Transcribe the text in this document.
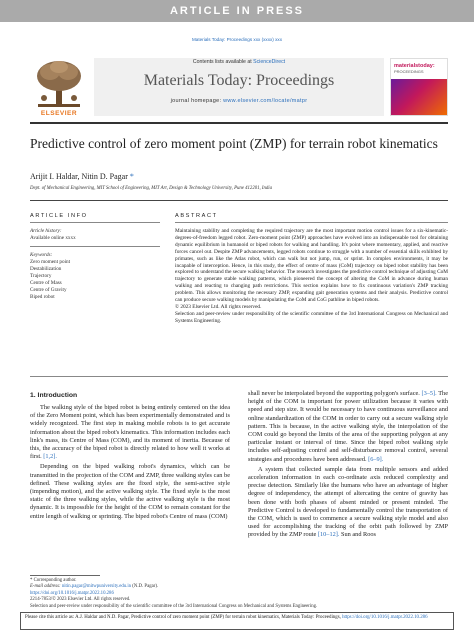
ARTICLE IN PRESS
Materials Today: Proceedings xxx (xxxx) xxx
ELSEVIER
Contents lists available at ScienceDirect
Materials Today: Proceedings
journal homepage: www.elsevier.com/locate/matpr
materialstoday:
PROCEEDINGS
Predictive control of zero moment point (ZMP) for terrain robot kinematics
Arijit I. Haldar, Nitin D. Pagar *
Dept. of Mechanical Engineering, MIT School of Engineering, MIT Art, Design & Technology University, Pune 412201, India
ARTICLE INFO	ABSTRACT
Article history:
Available online xxxx
Keywords:
Zero moment point
Destabilization
Trajectory
Centre of Mass
Centre of Gravity
Biped robot

Maintaining stability and completing the required trajectory are the most important motion control issues for a six-kinematic-degrees-of-freedom legged robot. Zero-moment point (ZMP) approaches have evolved into an indispensable tool for obtaining dynamic equilibrium in humanoid or biped robots for walking and handling. It's point where momentary, applied, and reactive forces cancel out. Despite ZMP advancements, legged robots continue to struggle with a number of essential skills exhibited by primates, such as like the Atlas robot, which can walk but not jump, run, or sprint. In complex environments, it may be incapable of interception. Hence, in this study, the effect of centre of mass (CoM) trajectory on biped robot stability has been explored to understand the secure walking behavior. The research investigates the predictive control technique of adjusting CoM trajectory to generate stable walking patterns, which pioneered the concept of altering the CoM in advance during human walking and reacting to changing path restrictions. This section explains how to fix continuous variation's ZMP tracking problem. This allows monitoring the necessary ZMP, expanding gait generation systems and their analysis. Predictive control can produce secure walking models by manipulating the CoM and CoG pathline in biped robots.

© 2023 Elsevier Ltd. All rights reserved.

Selection and peer-review under responsibility of the scientific committee of the 3rd International Congress on Mechanical and Systems Engineering.

1. Introduction

The walking style of the biped robot is being entirely centered on the idea of the Zero Moment point, which has been experimentally demonstrated and is widely recognized. The first step in making mobile robots is to get accurate information about the biped robot's kinematics. This information includes each link's mass, its Centre of Mass (COM), and its moment of inertia. Because of this, the accuracy of the biped robot is directly related to how well it works at first. [1,2].

Depending on the biped walking robot's dynamics, which can be transmitted in the projection of the COM and ZMP, three walking styles can be defined. These walking styles are the fixed style, the semi-active style (impending motion), and the active walking style. The fixed style is the most static of the three walking styles, while the active walking style is the most dynamic. It is impossible for the height of the COM to remain constant for the entire length of walking or sprinting. The biped robot's Centre of mass (COM)

shall never be interpolated beyond the supporting polygon's surface. [3–5]. The height of the COM is important for power utilization because it varies with speed and step size. It would be necessary to have continuous surveillance and online standardization of the COM in order to carry out a secure walking style pattern. This is because, in the active walking style, the interpolation of the COM could go beyond the limits of the area of the supporting polygon at any particular instant or interval of time. Since the biped robot walking style includes self-adjusting control and self-disturbance removal control, several strategies and procedures have been addressed. [6–9].

A system that collected sample data from multiple sensors and added acceleration information in each co-ordinate axis reduced complexity and precise detection. Similarly like the humans who have an advantage of higher degree of independency, the attempt of altercating the centre of gravity has been done with both phases of absent minded or present minded. The Predictive Control is developed to fundamentally control the transportation of the COM, which is used to commence a secure walking style model and also used for accomplishing the tracking of the orbit path followed by ZMP provided by the ZMP route [10–12]. Sun and Roos

* Corresponding author.
E-mail address: nitin.pagar@mitwpuniversity.edu.in (N.D. Pagar).
https://doi.org/10.1016/j.matpr.2022.10.286
2214-7853/© 2023 Elsevier Ltd. All rights reserved.
Selection and peer-review under responsibility of the scientific committee of the 3rd International Congress on Mechanical and Systems Engineering.
Please cite this article as: A.J. Haldar and N.D. Pagar, Predictive control of zero moment point (ZMP) for terrain robot kinematics, Materials Today: Proceedings, https://doi.org/10.1016/j.matpr.2022.10.286
